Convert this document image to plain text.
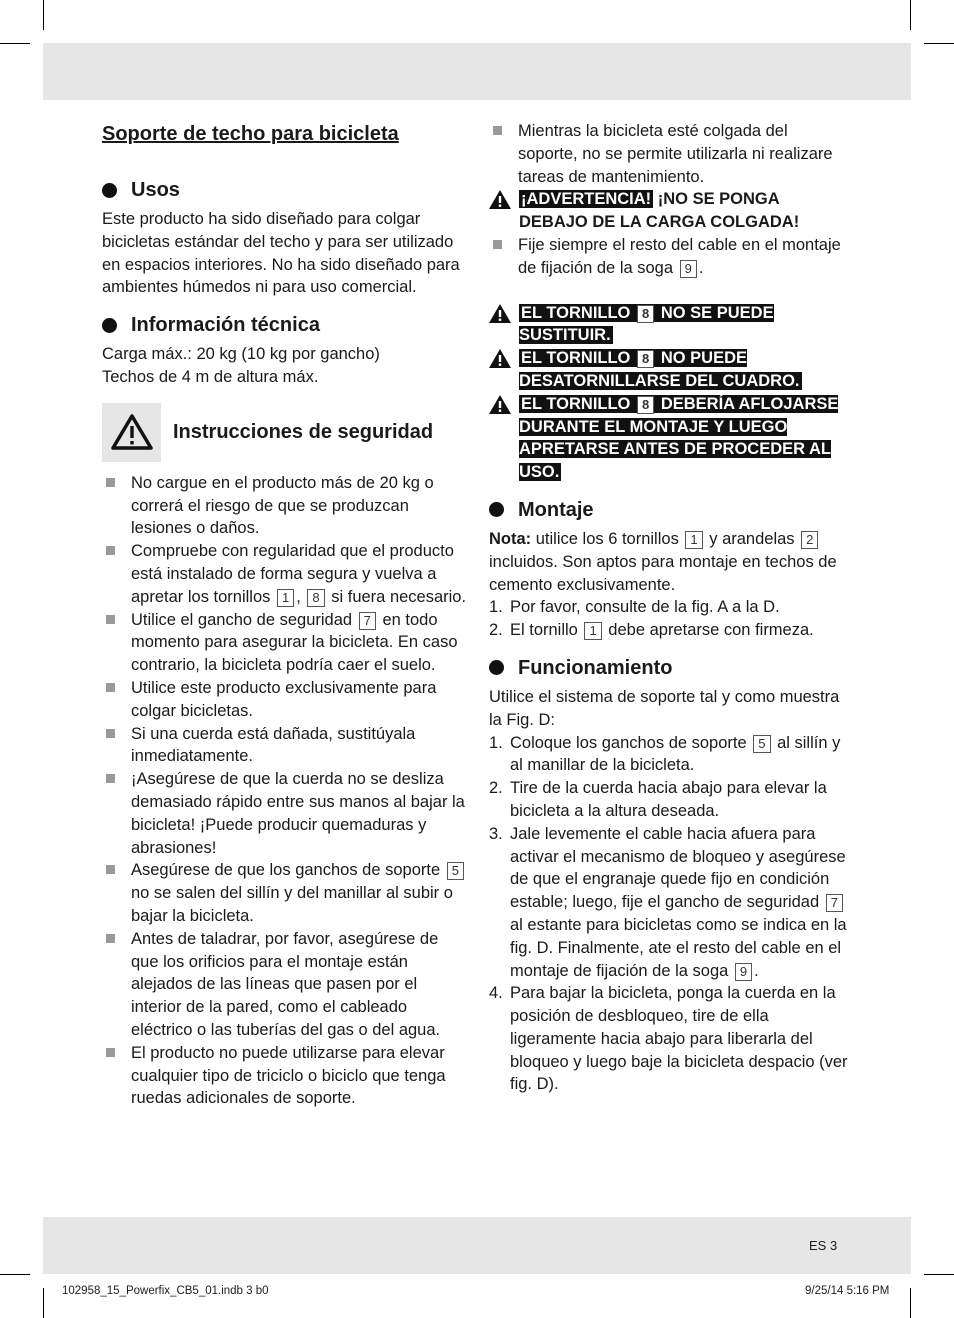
Soporte de techo para bicicleta
Usos

Este producto ha sido diseñado para colgar bicicletas estándar del techo y para ser utilizado en espacios interiores. No ha sido diseñado para ambientes húmedos ni para uso comercial.

Información técnica

Carga máx.: 20 kg (10 kg por gancho)

Techos de 4 m de altura máx.

Instrucciones de seguridad
No cargue en el producto más de 20 kg o correrá el riesgo de que se produzcan lesiones o daños.
Compruebe con regularidad que el producto está instalado de forma segura y vuelva a apretar los tornillos 1 , 8 si fuera necesario.
Utilice el gancho de seguridad 7 en todo momento para asegurar la bicicleta. En caso contrario, la bicicleta podría caer el suelo.
Utilice este producto exclusivamente para colgar bicicletas.
Si una cuerda está dañada, sustitúyala inmediatamente.
¡Asegúrese de que la cuerda no se desliza demasiado rápido entre sus manos al bajar la bicicleta! ¡Puede producir quemaduras y abrasiones!
Asegúrese de que los ganchos de soporte 5 no se salen del sillín y del manillar al subir o bajar la bicicleta.
Antes de taladrar, por favor, asegúrese de que los orificios para el montaje están alejados de las líneas que pasen por el interior de la pared, como el cableado eléctrico o las tuberías del gas o del agua.
El producto no puede utilizarse para elevar cualquier tipo de triciclo o biciclo que tenga ruedas adicionales de soporte.
Mientras la bicicleta esté colgada del soporte, no se permite utilizarla ni realizare tareas de mantenimiento.
¡ADVERTENCIA! ¡NO SE PONGA DEBAJO DE LA CARGA COLGADA!
Fije siempre el resto del cable en el montaje de fijación de la soga 9 .
EL TORNILLO 8 NO SE PUEDE SUSTITUIR.
EL TORNILLO 8 NO PUEDE DESATORNILLARSE DEL CUADRO.
EL TORNILLO 8 DEBERÍA AFLOJARSE DURANTE EL MONTAJE Y LUEGO APRETARSE ANTES DE PROCEDER AL USO.
Montaje

Nota: utilice los 6 tornillos 1 y arandelas 2 incluidos. Son aptos para montaje en techos de cemento exclusivamente.

1. Por favor, consulte de la fig. A a la D.
2. El tornillo 1 debe apretarse con firmeza.
Funcionamiento

Utilice el sistema de soporte tal y como muestra la Fig. D:

1. Coloque los ganchos de soporte 5 al sillín y al manillar de la bicicleta.
2. Tire de la cuerda hacia abajo para elevar la bicicleta a la altura deseada.
3. Jale levemente el cable hacia afuera para activar el mecanismo de bloqueo y asegúrese de que el engranaje quede fijo en condición estable; luego, fije el gancho de seguridad 7 al estante para bicicletas como se indica en la fig. D. Finalmente, ate el resto del cable en el montaje de fijación de la soga 9 .
4. Para bajar la bicicleta, ponga la cuerda en la posición de desbloqueo, tire de ella ligeramente hacia abajo para liberarla del bloqueo y luego baje la bicicleta despacio (ver fig. D).
ES 3
102958_15_Powerfix_CB5_01.indb 3 b0	9/25/14 5:16 PM
